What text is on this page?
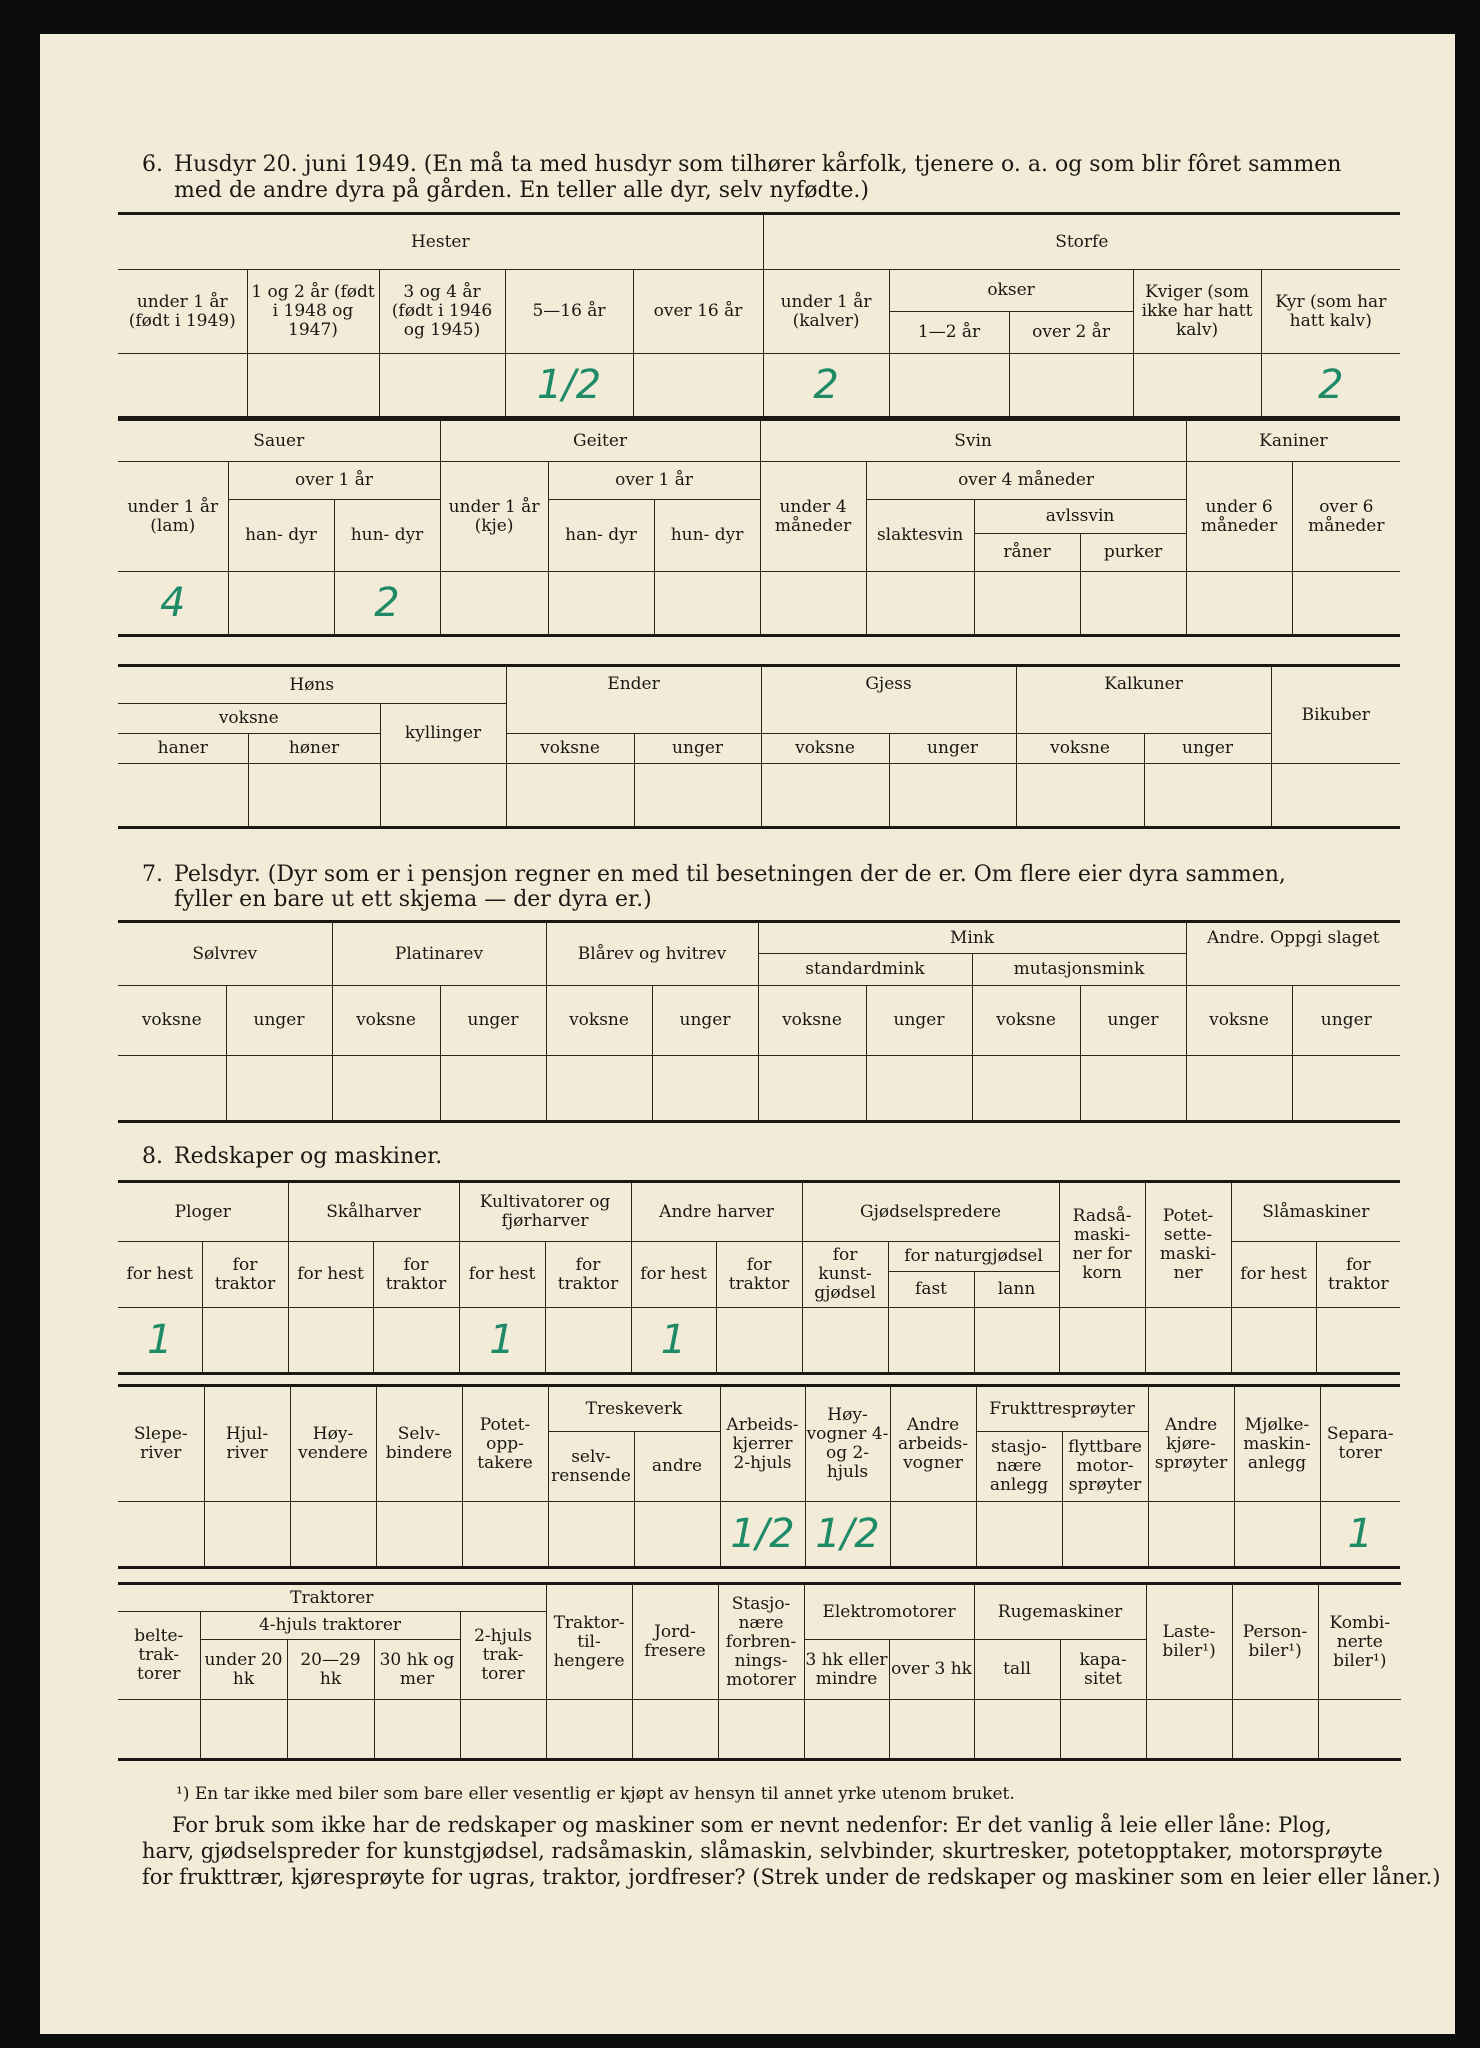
6. Husdyr 20. juni 1949. (En må ta med husdyr som tilhører kårfolk, tjenere o. a. og som blir fôret sammen
med de andre dyra på gården. En teller alle dyr, selv nyfødte.)
Hester					Storfe				
under 1 år (født i 1949)	1 og 2 år (født i 1948 og 1947)	3 og 4 år (født i 1946 og 1945)	5—16 år	over 16 år	under 1 år (kalver)	okser		Kviger (som ikke har hatt kalv)	Kyr (som har hatt kalv)
						1—2 år	over 2 år		
			1/2		2				2
Sauer			Geiter			Svin				Kaniner	
under 1 år (lam)	over 1 år		under 1 år (kje)	over 1 år		under 4 måneder	over 4 måneder			under 6 måneder	over 6 måneder
	han- dyr	hun- dyr		han- dyr	hun- dyr		slaktesvin	avlssvin			
								råner	purker		
4		2									
Høns			Ender		Gjess		Kalkuner		Bikuber
voksne		kyllinger							
haner	høner		voksne	unger	voksne	unger	voksne	unger	

7. Pelsdyr. (Dyr som er i pensjon regner en med til besetningen der de er. Om flere eier dyra sammen,
fyller en bare ut ett skjema — der dyra er.)
Sølvrev		Platinarev		Blårev og hvitrev		Mink				Andre. Oppgi slaget	
						standardmink		mutasjonsmink			
voksne	unger	voksne	unger	voksne	unger	voksne	unger	voksne	unger	voksne	unger

8. Redskaper og maskiner.
Ploger		Skålharver		Kultivatorer og fjørharver		Andre harver		Gjødselspredere			Radså- maski- ner for korn	Potet- sette- maski- ner	Slåmaskiner	

for hest	for traktor	for hest	for traktor	for hest	for traktor	for hest	for traktor	for kunst- gjødsel	for naturgjødsel				for hest	for traktor
									fast	lann				
1				1		1								
Slepe- river	Hjul- river	Høy- vendere	Selv- bindere	Potet- opp- takere	Treskeverk		Arbeids- kjerrer 2-hjuls	Høy- vogner 4- og 2- hjuls	Andre arbeids- vogner	Frukttresprøyter		Andre kjøre- sprøyter	Mjølke- maskin- anlegg	Separa- torer
					selv- rensende	andre				stasjo- nære anlegg	flyttbare motor- sprøyter			
							1/2	1/2						1
Traktorer					Traktor- til- hengere	Jord- fresere	Stasjo- nære forbren- nings- motorer	Elektromotorer		Rugemaskiner		Laste- biler¹)	Person- biler¹)	Kombi- nerte biler¹)
belte- trak- torer	4-hjuls traktorer			2-hjuls trak- torer										
	under 20 hk	20—29 hk	30 hk og mer					3 hk eller mindre	over 3 hk	tall	kapa- sitet			

¹) En tar ikke med biler som bare eller vesentlig er kjøpt av hensyn til annet yrke utenom bruket.
For bruk som ikke har de redskaper og maskiner som er nevnt nedenfor: Er det vanlig å leie eller låne: Plog,
harv, gjødselspreder for kunstgjødsel, radsåmaskin, slåmaskin, selvbinder, skurtresker, potetopptaker, motorsprøyte
for frukttrær, kjøresprøyte for ugras, traktor, jordfreser? (Strek under de redskaper og maskiner som en leier eller låner.)
